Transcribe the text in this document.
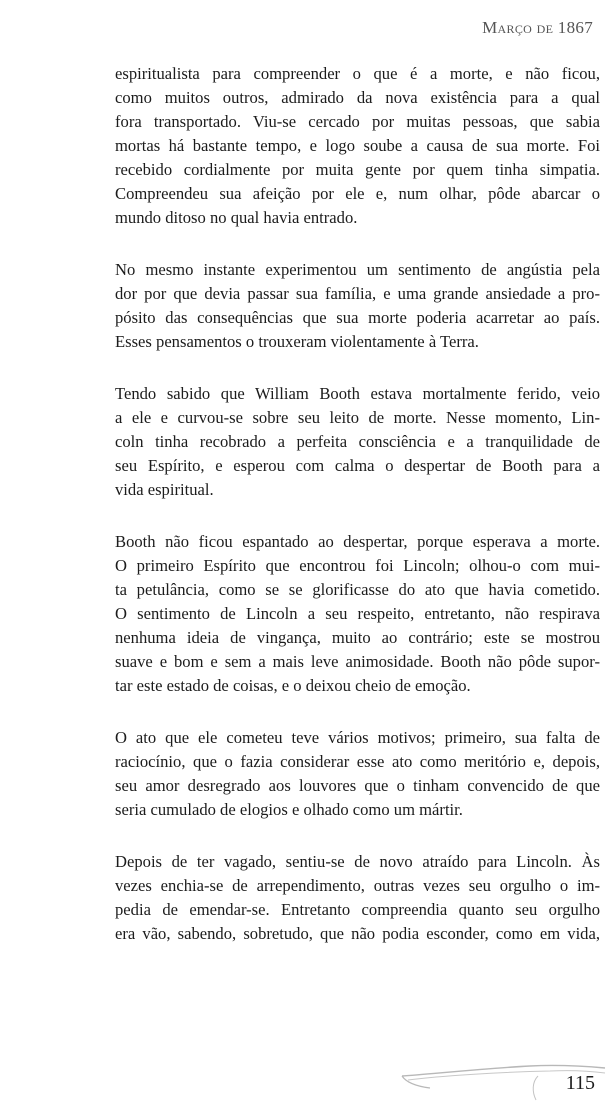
Março de 1867

espiritualista para compreender o que é a morte, e não ficou,
como muitos outros, admirado da nova existência para a qual
fora transportado. Viu-se cercado por muitas pessoas, que sabia
mortas há bastante tempo, e logo soube a causa de sua morte. Foi
recebido cordialmente por muita gente por quem tinha simpatia.
Compreendeu sua afeição por ele e, num olhar, pôde abarcar o
mundo ditoso no qual havia entrado.

No mesmo instante experimentou um sentimento de angústia pela
dor por que devia passar sua família, e uma grande ansiedade a pro-
pósito das consequências que sua morte poderia acarretar ao país.
Esses pensamentos o trouxeram violentamente à Terra.

Tendo sabido que William Booth estava mortalmente ferido, veio
a ele e curvou-se sobre seu leito de morte. Nesse momento, Lin-
coln tinha recobrado a perfeita consciência e a tranquilidade de
seu Espírito, e esperou com calma o despertar de Booth para a
vida espiritual.

Booth não ficou espantado ao despertar, porque esperava a morte.
O primeiro Espírito que encontrou foi Lincoln; olhou-o com mui-
ta petulância, como se se glorificasse do ato que havia cometido.
O sentimento de Lincoln a seu respeito, entretanto, não respirava
nenhuma ideia de vingança, muito ao contrário; este se mostrou
suave e bom e sem a mais leve animosidade. Booth não pôde supor-
tar este estado de coisas, e o deixou cheio de emoção.

O ato que ele cometeu teve vários motivos; primeiro, sua falta de
raciocínio, que o fazia considerar esse ato como meritório e, depois,
seu amor desregrado aos louvores que o tinham convencido de que
seria cumulado de elogios e olhado como um mártir.

Depois de ter vagado, sentiu-se de novo atraído para Lincoln. Às
vezes enchia-se de arrependimento, outras vezes seu orgulho o im-
pedia de emendar-se. Entretanto compreendia quanto seu orgulho
era vão, sabendo, sobretudo, que não podia esconder, como em vida,

115
